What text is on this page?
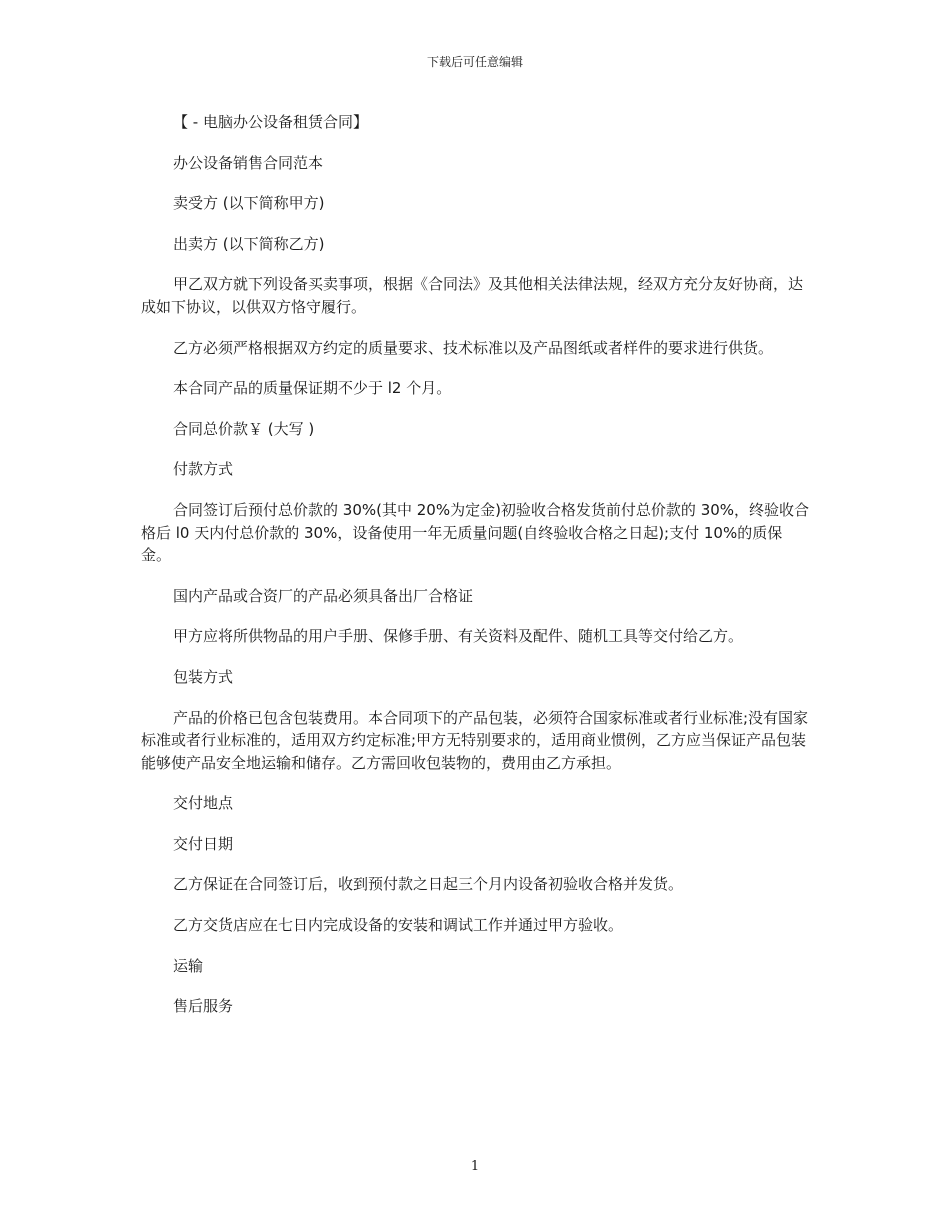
下载后可任意编辑

【 - 电脑办公设备租赁合同】

办公设备销售合同范本

卖受方 (以下简称甲方)

出卖方 (以下简称乙方)

甲乙双方就下列设备买卖事项，根据《合同法》及其他相关法律法规，经双方充分友好协商，达成如下协议，以供双方恪守履行。

乙方必须严格根据双方约定的质量要求、技术标准以及产品图纸或者样件的要求进行供货。

本合同产品的质量保证期不少于 l2 个月。

合同总价款￥ (大写 )

付款方式

合同签订后预付总价款的 30%(其中 20%为定金)初验收合格发货前付总价款的 30%，终验收合格后 l0 天内付总价款的 30%，设备使用一年无质量问题(自终验收合格之日起);支付 10%的质保金。

国内产品或合资厂的产品必须具备出厂合格证

甲方应将所供物品的用户手册、保修手册、有关资料及配件、随机工具等交付给乙方。

包装方式

产品的价格已包含包装费用。本合同项下的产品包装，必须符合国家标准或者行业标准;没有国家标准或者行业标准的，适用双方约定标准;甲方无特别要求的，适用商业惯例，乙方应当保证产品包装能够使产品安全地运输和储存。乙方需回收包装物的，费用由乙方承担。

交付地点

交付日期

乙方保证在合同签订后，收到预付款之日起三个月内设备初验收合格并发货。

乙方交货店应在七日内完成设备的安装和调试工作并通过甲方验收。

运输

售后服务

1
